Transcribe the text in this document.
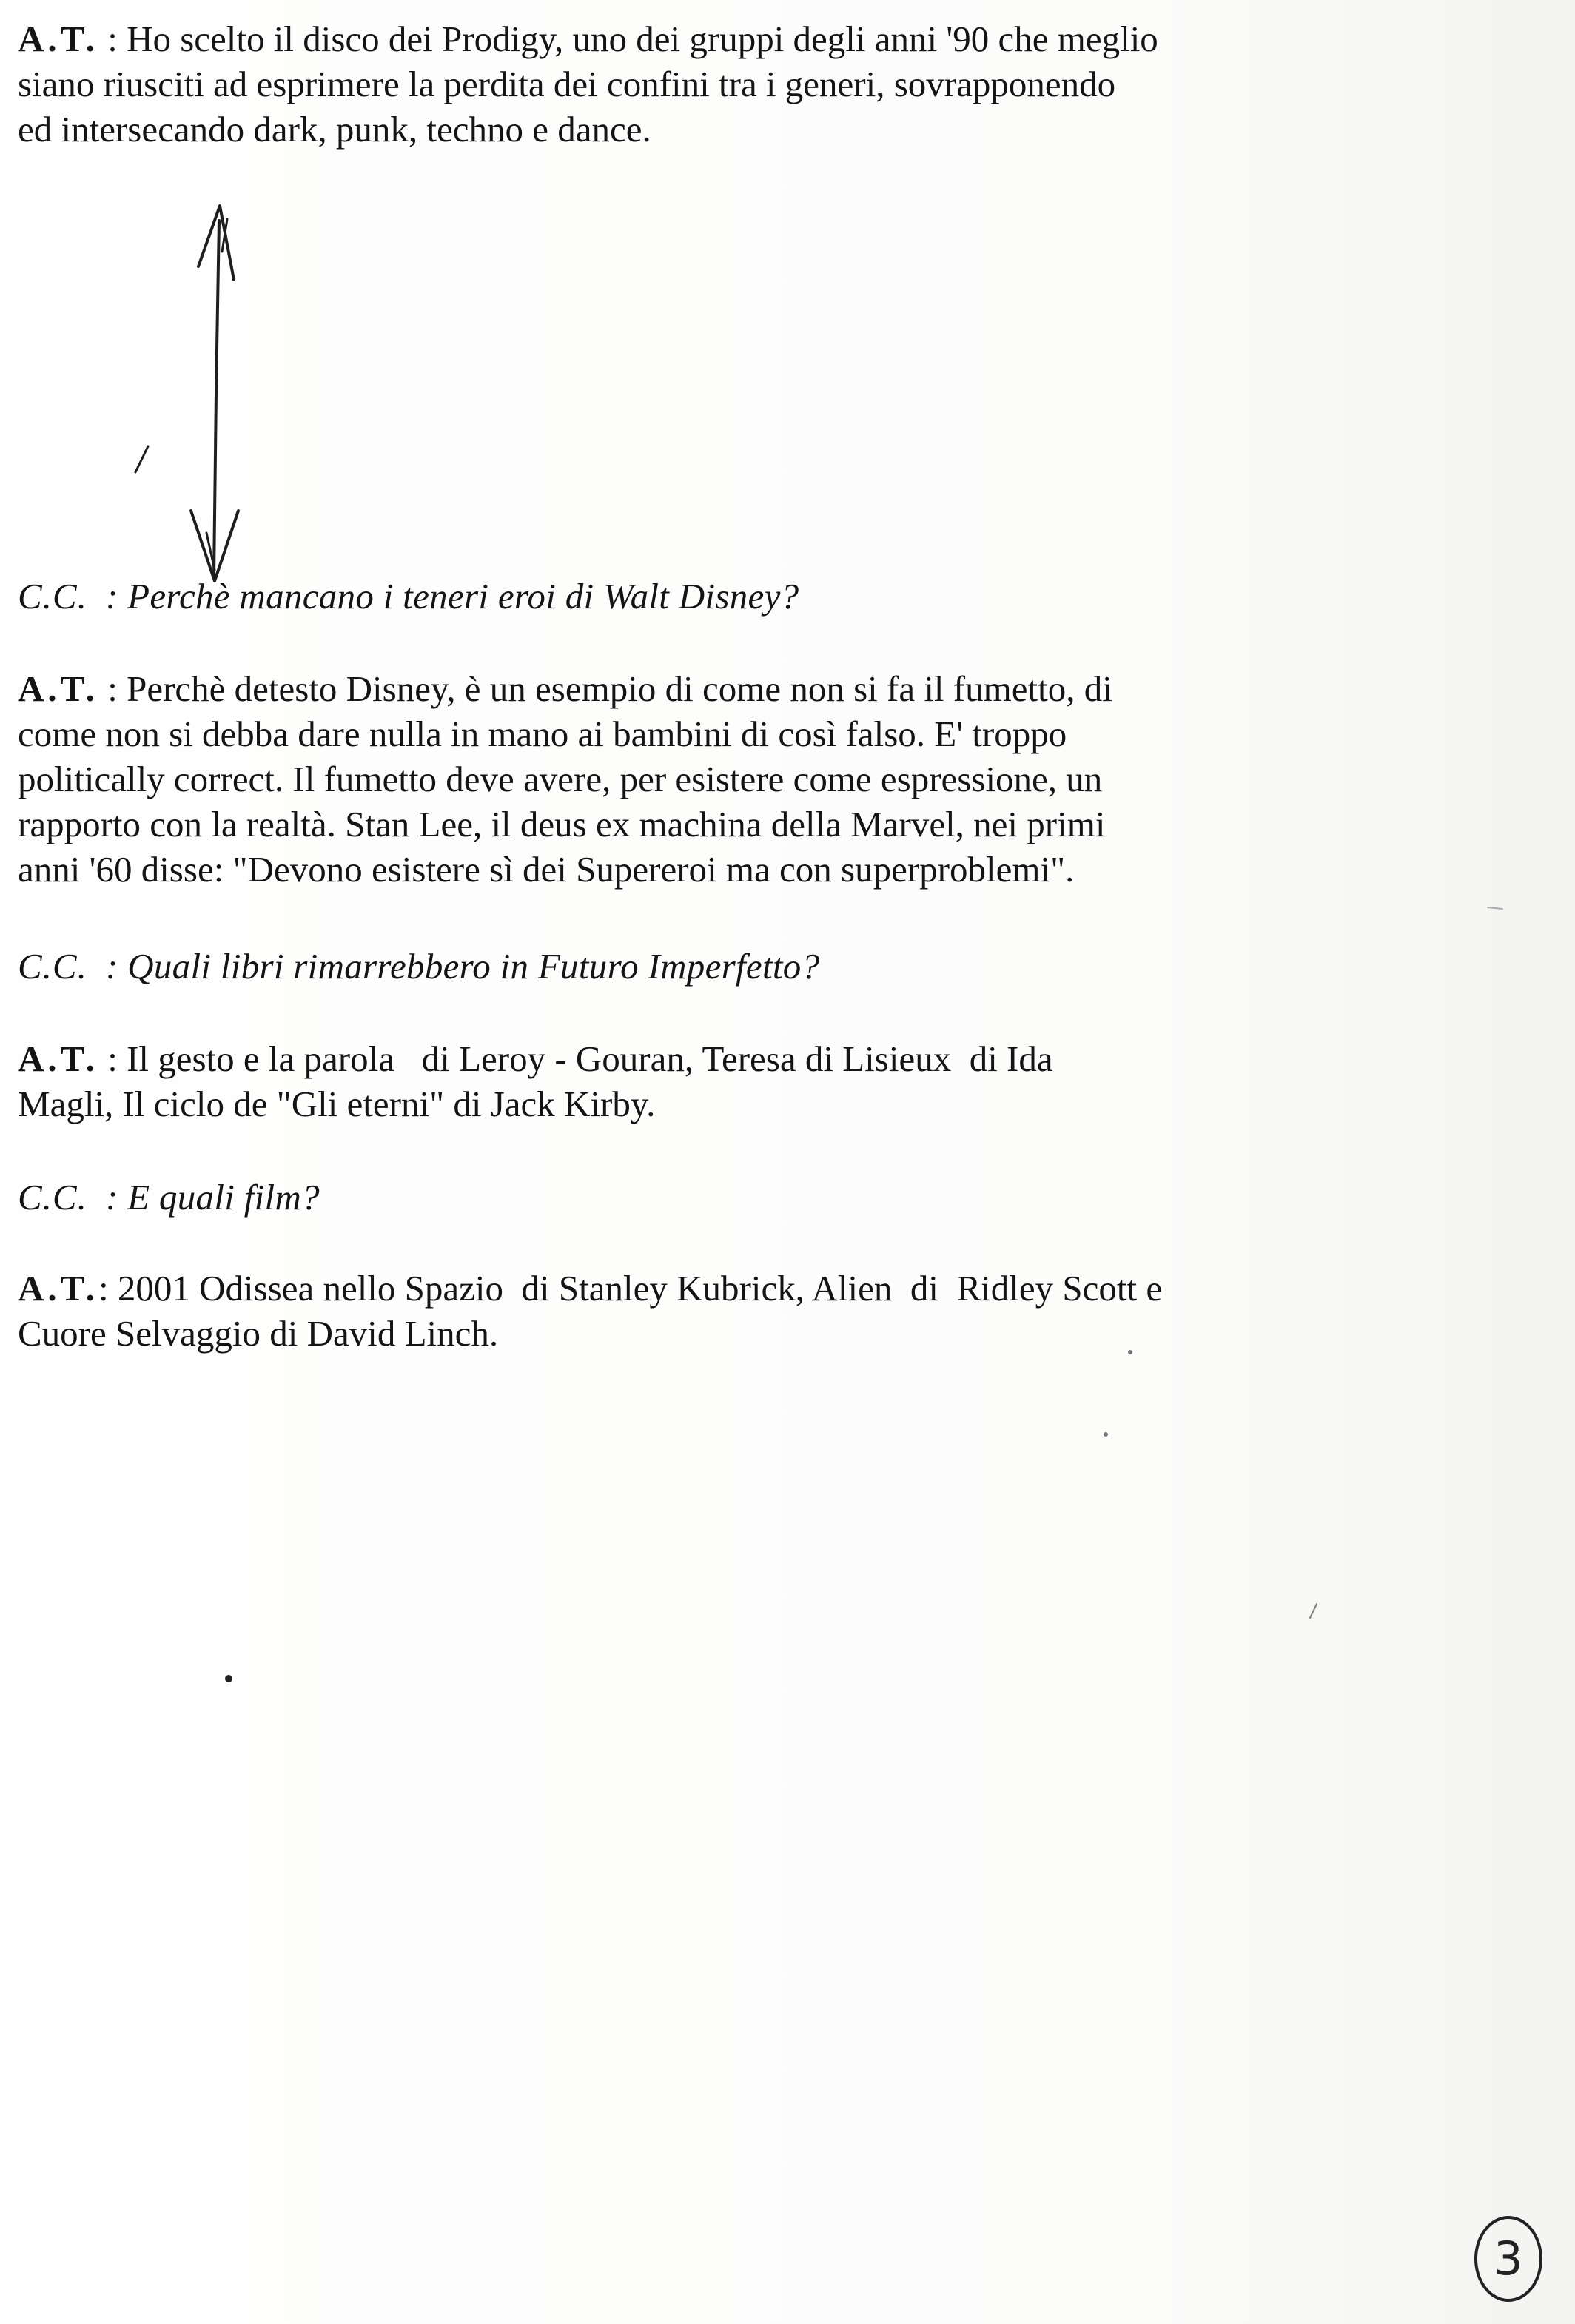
A.T. : Ho scelto il disco dei Prodigy, uno dei gruppi degli anni '90 che meglio
siano riusciti ad esprimere la perdita dei confini tra i generi, sovrapponendo
ed intersecando dark, punk, techno e dance.

C.C.  : Perchè mancano i teneri eroi di Walt Disney?

A.T. : Perchè detesto Disney, è un esempio di come non si fa il fumetto, di
come non si debba dare nulla in mano ai bambini di così falso. E' troppo
politically correct. Il fumetto deve avere, per esistere come espressione, un
rapporto con la realtà. Stan Lee, il deus ex machina della Marvel, nei primi
anni '60 disse: "Devono esistere sì dei Supereroi ma con superproblemi".

C.C.  : Quali libri rimarrebbero in Futuro Imperfetto?

A.T. : Il gesto e la parola   di Leroy - Gouran, Teresa di Lisieux  di Ida
Magli, Il ciclo de "Gli eterni" di Jack Kirby.

C.C.  : E quali film?

A.T.: 2001 Odissea nello Spazio  di Stanley Kubrick, Alien  di  Ridley Scott e
Cuore Selvaggio di David Linch.

3
